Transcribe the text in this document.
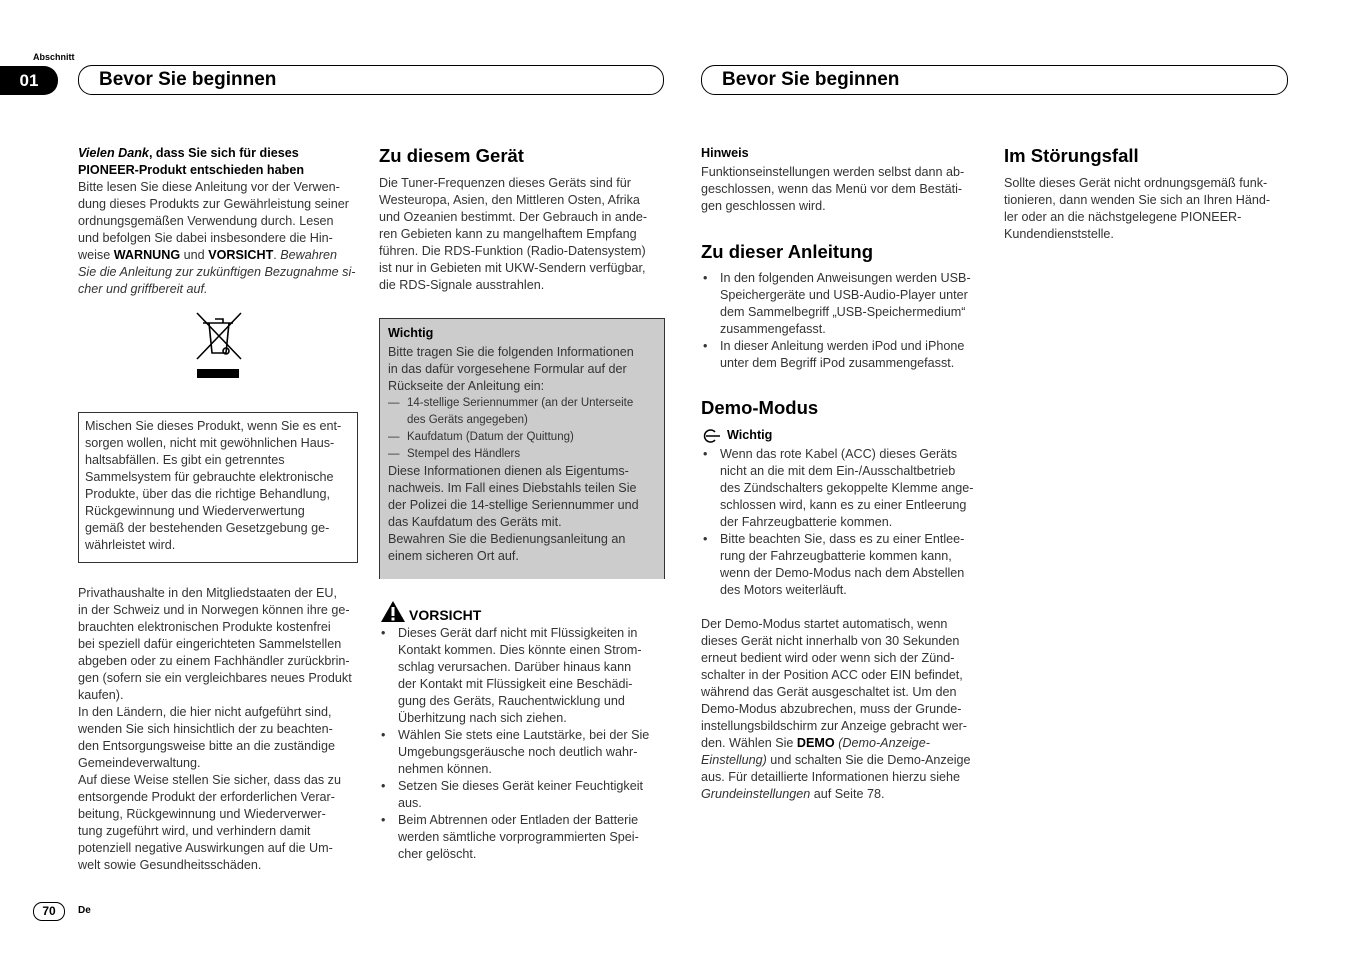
Abschnitt
01	Bevor Sie beginnen	Bevor Sie beginnen
Vielen Dank, dass Sie sich für dieses
PIONEER-Produkt entschieden haben
Bitte lesen Sie diese Anleitung vor der Verwen-
dung dieses Produkts zur Gewährleistung seiner
ordnungsgemäßen Verwendung durch. Lesen
und befolgen Sie dabei insbesondere die Hin-
weise WARNUNG und VORSICHT. Bewahren
Sie die Anleitung zur zukünftigen Bezugnahme si-
cher und griffbereit auf.
Mischen Sie dieses Produkt, wenn Sie es ent-
sorgen wollen, nicht mit gewöhnlichen Haus-
haltsabfällen. Es gibt ein getrenntes
Sammelsystem für gebrauchte elektronische
Produkte, über das die richtige Behandlung,
Rückgewinnung und Wiederverwertung
gemäß der bestehenden Gesetzgebung ge-
währleistet wird.
Privathaushalte in den Mitgliedstaaten der EU,
in der Schweiz und in Norwegen können ihre ge-
brauchten elektronischen Produkte kostenfrei
bei speziell dafür eingerichteten Sammelstellen
abgeben oder zu einem Fachhändler zurückbrin-
gen (sofern sie ein vergleichbares neues Produkt
kaufen).
In den Ländern, die hier nicht aufgeführt sind,
wenden Sie sich hinsichtlich der zu beachten-
den Entsorgungsweise bitte an die zuständige
Gemeindeverwaltung.
Auf diese Weise stellen Sie sicher, dass das zu
entsorgende Produkt der erforderlichen Verar-
beitung, Rückgewinnung und Wiederverwer-
tung zugeführt wird, und verhindern damit
potenziell negative Auswirkungen auf die Um-
welt sowie Gesundheitsschäden.
Zu diesem Gerät
Die Tuner-Frequenzen dieses Geräts sind für
Westeuropa, Asien, den Mittleren Osten, Afrika
und Ozeanien bestimmt. Der Gebrauch in ande-
ren Gebieten kann zu mangelhaftem Empfang
führen. Die RDS-Funktion (Radio-Datensystem)
ist nur in Gebieten mit UKW-Sendern verfügbar,
die RDS-Signale ausstrahlen.
Wichtig
Bitte tragen Sie die folgenden Informationen
in das dafür vorgesehene Formular auf der
Rückseite der Anleitung ein:
— 14-stellige Seriennummer (an der Unterseite
des Geräts angegeben)
— Kaufdatum (Datum der Quittung)
— Stempel des Händlers
Diese Informationen dienen als Eigentums-
nachweis. Im Fall eines Diebstahls teilen Sie
der Polizei die 14-stellige Seriennummer und
das Kaufdatum des Geräts mit.
Bewahren Sie die Bedienungsanleitung an
einem sicheren Ort auf.
VORSICHT
• Dieses Gerät darf nicht mit Flüssigkeiten in
Kontakt kommen. Dies könnte einen Strom-
schlag verursachen. Darüber hinaus kann
der Kontakt mit Flüssigkeit eine Beschädi-
gung des Geräts, Rauchentwicklung und
Überhitzung nach sich ziehen.
• Wählen Sie stets eine Lautstärke, bei der Sie
Umgebungsgeräusche noch deutlich wahr-
nehmen können.
• Setzen Sie dieses Gerät keiner Feuchtigkeit
aus.
• Beim Abtrennen oder Entladen der Batterie
werden sämtliche vorprogrammierten Spei-
cher gelöscht.
Hinweis
Funktionseinstellungen werden selbst dann ab-
geschlossen, wenn das Menü vor dem Bestäti-
gen geschlossen wird.
Zu dieser Anleitung
• In den folgenden Anweisungen werden USB-
Speichergeräte und USB-Audio-Player unter
dem Sammelbegriff „USB-Speichermedium“
zusammengefasst.
• In dieser Anleitung werden iPod und iPhone
unter dem Begriff iPod zusammengefasst.
Demo-Modus
Wichtig
• Wenn das rote Kabel (ACC) dieses Geräts
nicht an die mit dem Ein-/Ausschaltbetrieb
des Zündschalters gekoppelte Klemme ange-
schlossen wird, kann es zu einer Entleerung
der Fahrzeugbatterie kommen.
• Bitte beachten Sie, dass es zu einer Entlee-
rung der Fahrzeugbatterie kommen kann,
wenn der Demo-Modus nach dem Abstellen
des Motors weiterläuft.
Der Demo-Modus startet automatisch, wenn
dieses Gerät nicht innerhalb von 30 Sekunden
erneut bedient wird oder wenn sich der Zünd-
schalter in der Position ACC oder EIN befindet,
während das Gerät ausgeschaltet ist. Um den
Demo-Modus abzubrechen, muss der Grunde-
instellungsbildschirm zur Anzeige gebracht wer-
den. Wählen Sie DEMO (Demo-Anzeige-
Einstellung) und schalten Sie die Demo-Anzeige
aus. Für detaillierte Informationen hierzu siehe
Grundeinstellungen auf Seite 78.
Im Störungsfall
Sollte dieses Gerät nicht ordnungsgemäß funk-
tionieren, dann wenden Sie sich an Ihren Händ-
ler oder an die nächstgelegene PIONEER-
Kundendienststelle.
70	De
